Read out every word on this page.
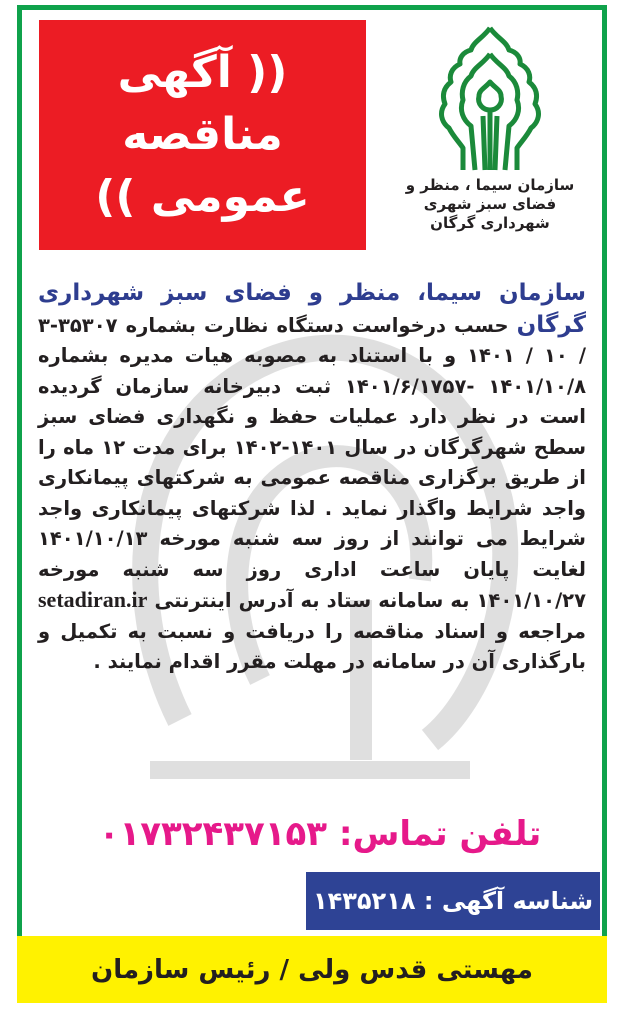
(( آگهی
مناقصه
عمومی ))	سازمان سیما ، منظر و
فضای سبز شهری
شهرداری گرگان

سازمان سیما، منظر و فضای سبز شهرداری گرگان حسب درخواست دستگاه نظارت بشماره ۳۵۳۰۷-۳ / ۱۰ / ۱۴۰۱ و با استناد به مصوبه هیات مدیره بشماره ۱۴۰۱/۱۰/۸ -۱۴۰۱/۶/۱۷۵۷ ثبت دبیرخانه سازمان گردیده است در نظر دارد عملیات حفظ و نگهداری فضای سبز سطح شهرگرگان در سال ۱۴۰۱-۱۴۰۲ برای مدت ۱۲ ماه را از طریق برگزاری مناقصه عمومی به شرکتهای پیمانکاری واجد شرایط واگذار نماید . لذا شرکتهای پیمانکاری واجد شرایط می توانند از روز سه شنبه مورخه ۱۴۰۱/۱۰/۱۳ لغایت پایان ساعت اداری روز سه شنبه مورخه ۱۴۰۱/۱۰/۲۷ به سامانه ستاد به آدرس اینترنتی setadiran.ir مراجعه و اسناد مناقصه را دریافت و نسبت به تکمیل و بارگذاری آن در سامانه در مهلت مقرر اقدام نمایند .

تلفن تماس: ۰۱۷۳۲۴۳۷۱۵۳
شناسه آگهی :

۱۴۳۵۲۱۸
مهستی قدس ولی / رئیس سازمان
